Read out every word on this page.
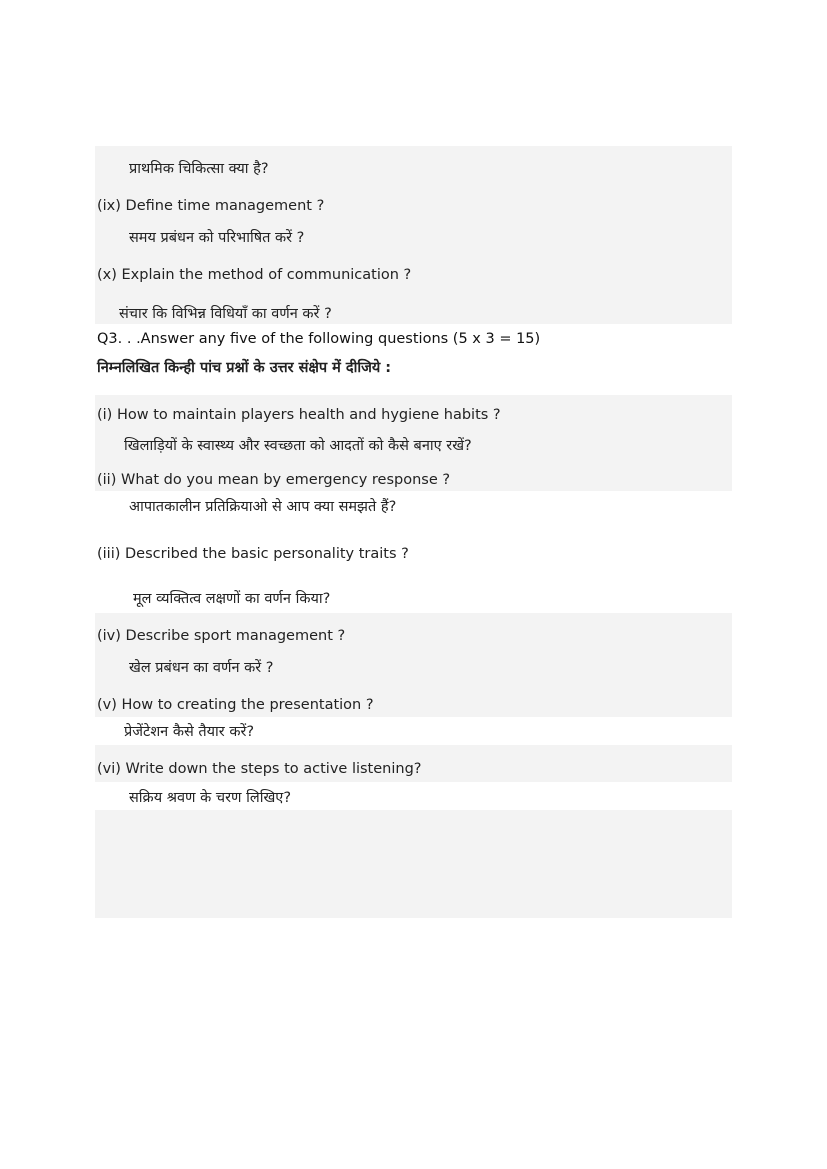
प्राथमिक चिकित्सा क्या है?
(ix) Define time management ?
समय प्रबंधन को परिभाषित करें ?
(x) Explain the method of communication ?
संचार कि विभिन्न विधियाँ का वर्णन करें ?
Q3. . .Answer any five of the following questions (5 x 3 = 15)
निम्नलिखित किन्ही पांच प्रश्नों के उत्तर संक्षेप में दीजिये :
(i) How to maintain players health and hygiene habits ?
खिलाड़ियों के स्वास्थ्य और स्वच्छता को आदतों को कैसे बनाए रखें?
(ii) What do you mean by emergency response ?
आपातकालीन प्रतिक्रियाओ से आप क्या समझते हैं?
(iii) Described the basic personality traits ?
मूल व्यक्तित्व लक्षणों का वर्णन किया?
(iv) Describe sport management ?
खेल प्रबंधन का वर्णन करें ?
(v) How to creating the presentation ?
प्रेजेंटेशन कैसे तैयार करें?
(vi) Write down the steps to active listening?
सक्रिय श्रवण के चरण लिखिए?
